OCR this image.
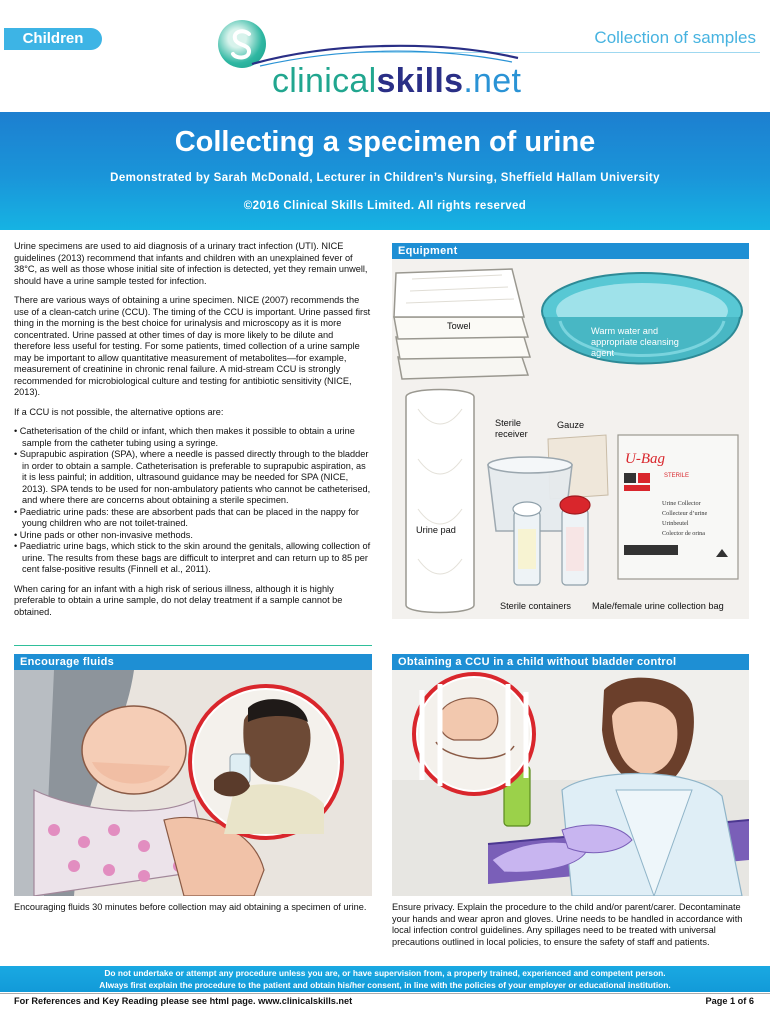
Children	Collection of samples
clinicalskills.net
Collecting a specimen of urine
Demonstrated by Sarah McDonald, Lecturer in Children’s Nursing, Sheffield Hallam University
©2016 Clinical Skills Limited. All rights reserved

Urine specimens are used to aid diagnosis of a urinary tract infection (UTI). NICE guidelines (2013) recommend that infants and children with an unexplained fever of 38°C, as well as those whose initial site of infection is detected, yet they remain unwell, should have a urine sample tested for infection.

There are various ways of obtaining a urine specimen. NICE (2007) recommends the use of a clean-catch urine (CCU). The timing of the CCU is important. Urine passed first thing in the morning is the best choice for urinalysis and microscopy as it is more concentrated. Urine passed at other times of day is more likely to be dilute and therefore less useful for testing. For some patients, timed collection of a urine sample may be important to allow quantitative measurement of metabolites—for example, measurement of creatinine in chronic renal failure. A mid-stream CCU is strongly recommended for microbiological culture and testing for antibiotic sensitivity (NICE, 2013).

If a CCU is not possible, the alternative options are:

• Catheterisation of the child or infant, which then makes it possible to obtain a urine sample from the catheter tubing using a syringe.
• Suprapubic aspiration (SPA), where a needle is passed directly through to the bladder in order to obtain a sample. Catheterisation is preferable to suprapubic aspiration, as it is less painful; in addition, ultrasound guidance may be needed for SPA (NICE, 2013). SPA tends to be used for non-ambulatory patients who cannot be catheterised, and where there are concerns about obtaining a sterile specimen.
• Paediatric urine pads: these are absorbent pads that can be placed in the nappy for young children who are not toilet-trained.
• Urine pads or other non-invasive methods.
• Paediatric urine bags, which stick to the skin around the genitals, allowing collection of urine. The results from these bags are difficult to interpret and can return up to 85 per cent false-positive results (Finnell et al., 2011).

When caring for an infant with a high risk of serious illness, although it is highly preferable to obtain a urine sample, do not delay treatment if a sample cannot be obtained.

Equipment
U-Bag
STERILE
Urine Collector
Collecteur d’urine
Urinbeutel
Colector de orina
Towel	Warm water and appropriate cleansing agent
Sterile receiver
Gauze
Urine pad
Sterile containers Male/female urine collection bag
Encourage fluids
Encouraging fluids 30 minutes before collection may aid obtaining a specimen of urine.
Obtaining a CCU in a child without bladder control
Ensure privacy. Explain the procedure to the child and/or parent/carer. Decontaminate your hands and wear apron and gloves. Urine needs to be handled in accordance with local infection control guidelines. Any spillages need to be treated with universal precautions outlined in local policies, to ensure the safety of staff and patients.
Do not undertake or attempt any procedure unless you are, or have supervision from, a properly trained, experienced and competent person.
Always first explain the procedure to the patient and obtain his/her consent, in line with the policies of your employer or educational institution.
For References and Key Reading please see html page. www.clinicalskills.net	Page 1 of 6
